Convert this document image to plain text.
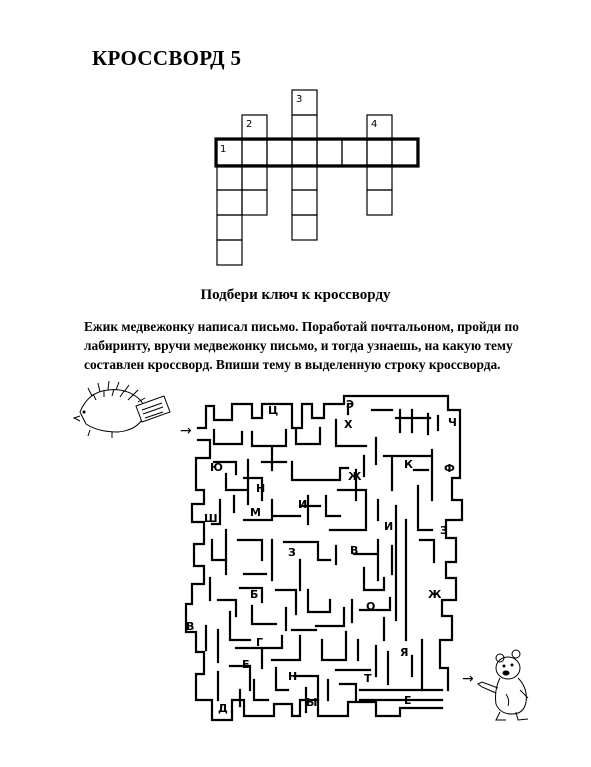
КРОССВОРД 5
1
2
3
4
Подбери ключ к кроссворду
Ежик медвежонку написал письмо. Поработай почтальоном, пройди по
лабиринту, вручи медвежонку письмо, и тогда узнаешь, на какую тему
составлен кроссворд. Впиши тему в выделенную строку кроссворда.
→
Ц	Э
Х	Ч
Ю
Ж
К	Ф
Н
М
И
Ш
И	З
В
З
Б
О
Ж
В
Г
Я
Е
Н	Т
Д	Ы	Е
→
